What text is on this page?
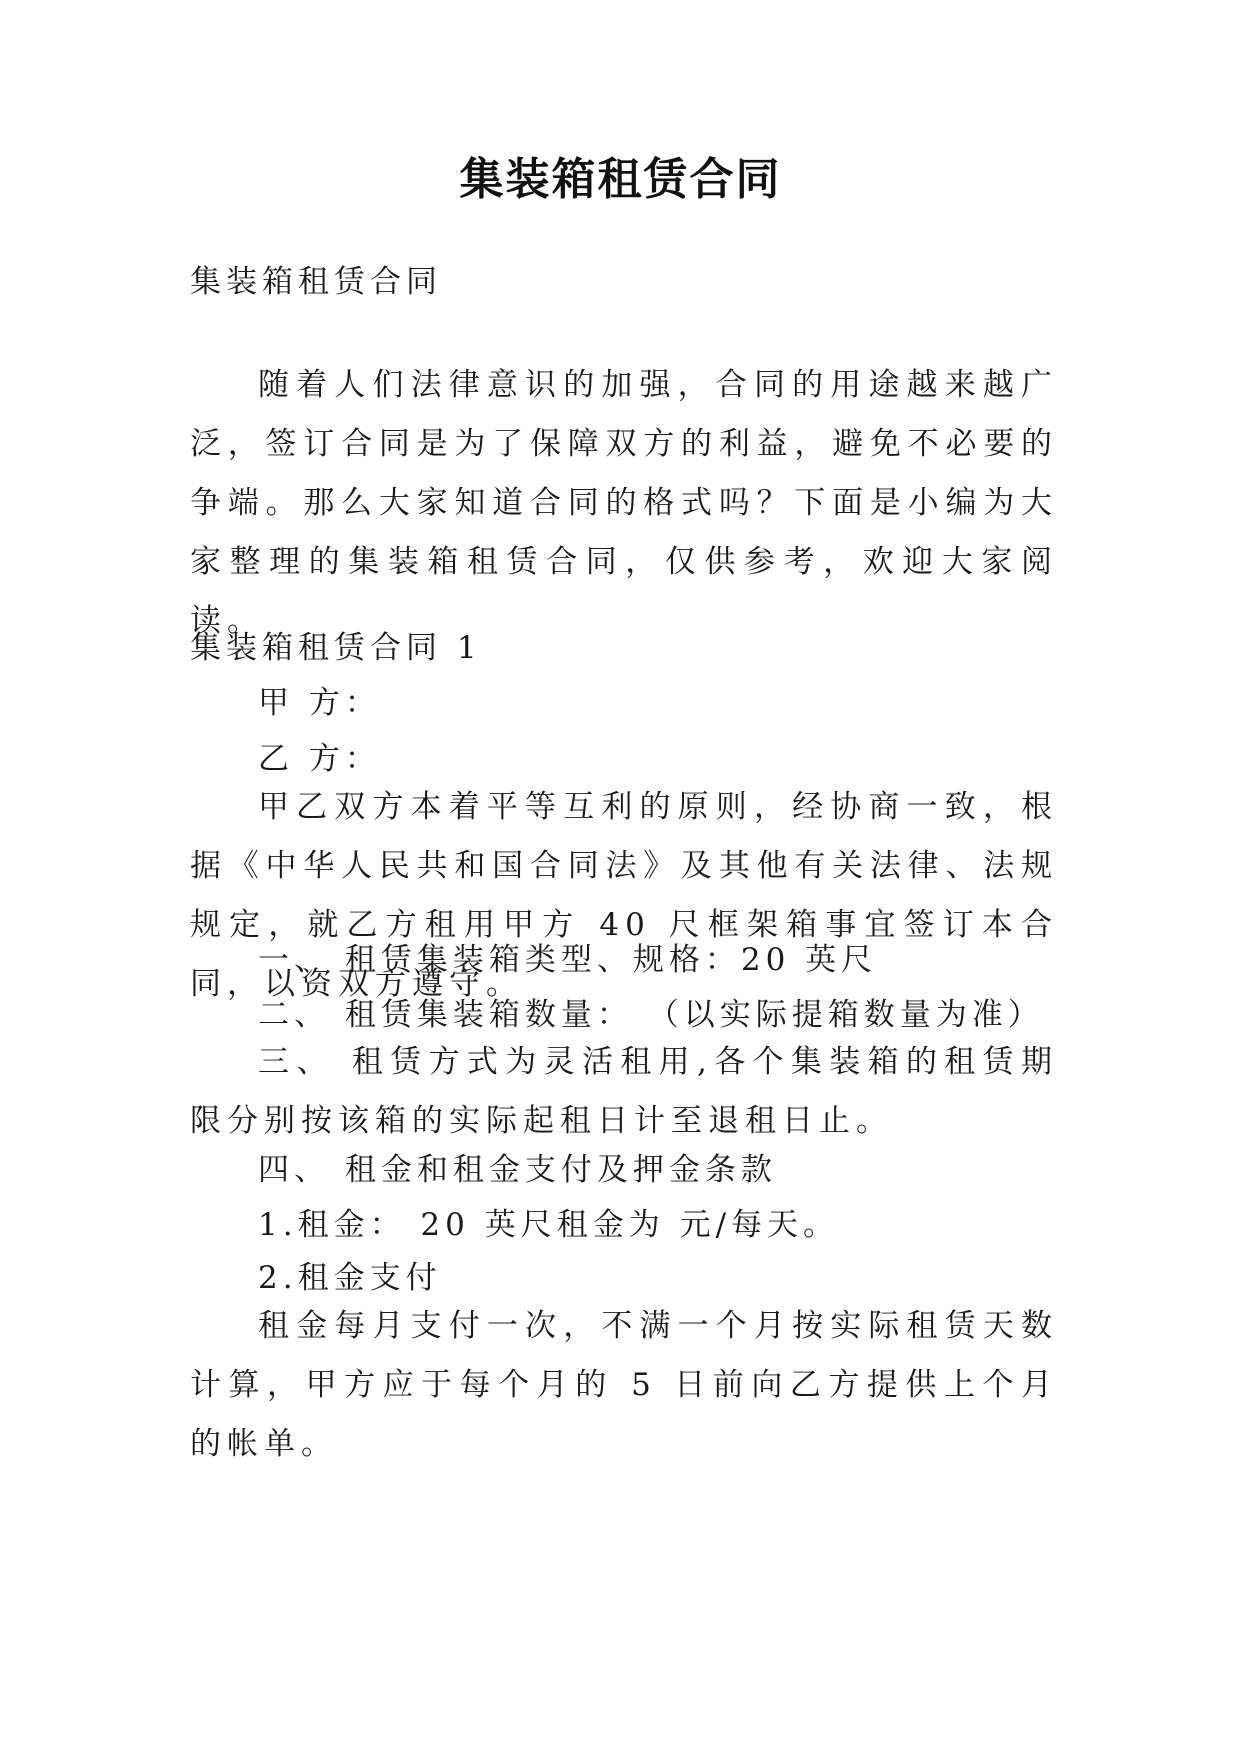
集装箱租赁合同
集装箱租赁合同
随着人们法律意识的加强，合同的用途越来越广泛，签订合同是为了保障双方的利益，避免不必要的争端。那么大家知道合同的格式吗？下面是小编为大家整理的集装箱租赁合同，仅供参考，欢迎大家阅读。
集装箱租赁合同 1
甲 方：
乙 方：
甲乙双方本着平等互利的原则，经协商一致，根据《中华人民共和国合同法》及其他有关法律、法规规定，就乙方租用甲方 40 尺框架箱事宜签订本合同，以资双方遵守。
一、 租赁集装箱类型、规格：20 英尺
二、 租赁集装箱数量： （以实际提箱数量为准）
三、 租赁方式为灵活租用,各个集装箱的租赁期限分别按该箱的实际起租日计至退租日止。
四、 租金和租金支付及押金条款
1.租金： 20 英尺租金为 元/每天。
2.租金支付
租金每月支付一次，不满一个月按实际租赁天数计算，甲方应于每个月的 5 日前向乙方提供上个月的帐单。
